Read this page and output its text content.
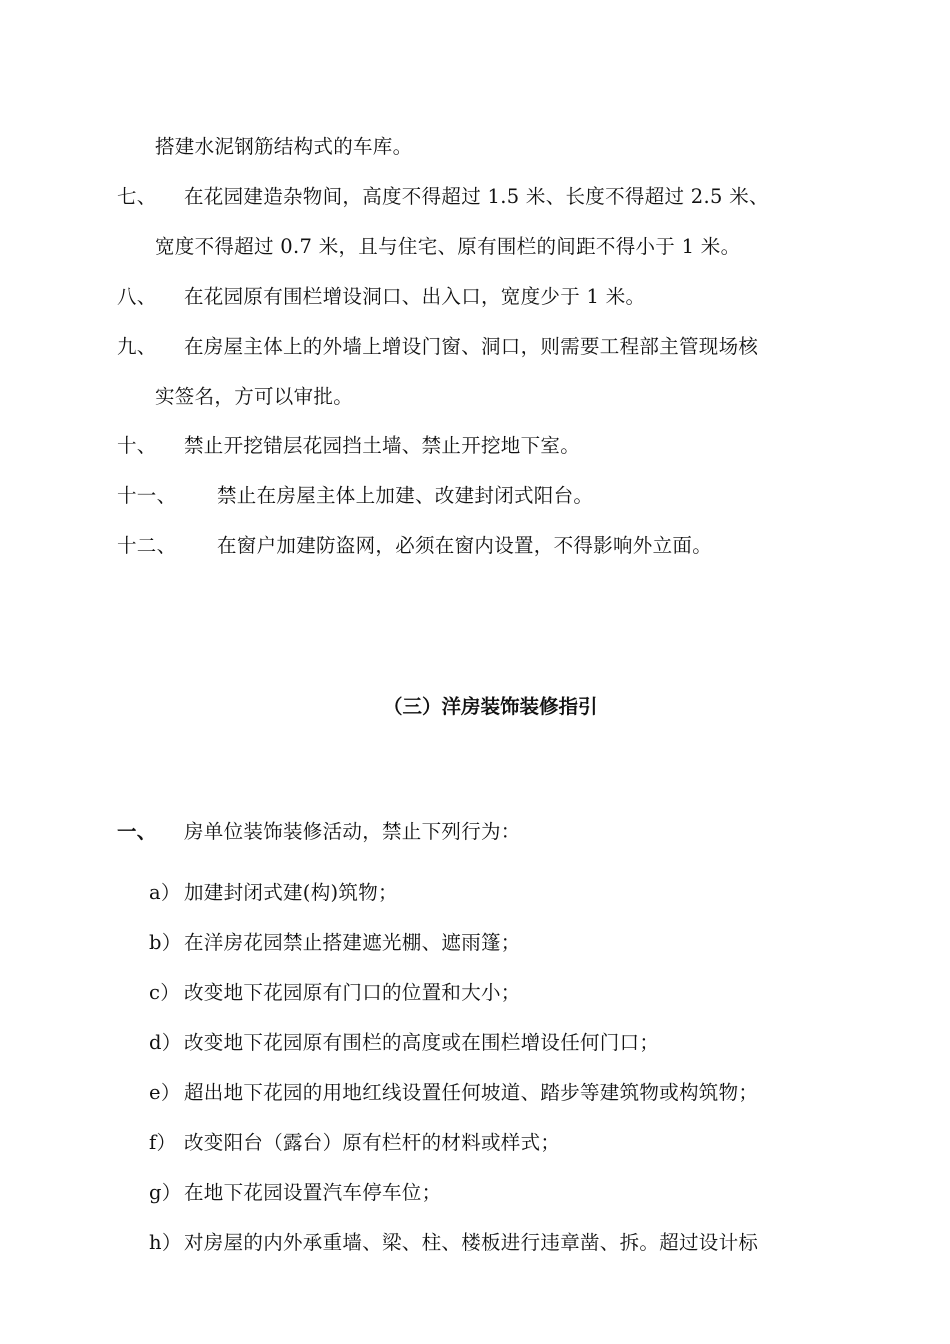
搭建水泥钢筋结构式的车库。
七、 在花园建造杂物间，高度不得超过 1.5 米、长度不得超过 2.5 米、
宽度不得超过 0.7 米，且与住宅、原有围栏的间距不得小于 1 米。
八、 在花园原有围栏增设洞口、出入口，宽度少于 1 米。
九、 在房屋主体上的外墙上增设门窗、洞口，则需要工程部主管现场核
实签名，方可以审批。
十、 禁止开挖错层花园挡土墙、禁止开挖地下室。
十一、 禁止在房屋主体上加建、改建封闭式阳台。
十二、 在窗户加建防盗网，必须在窗内设置，不得影响外立面。
（三）洋房装饰装修指引
一、 房单位装饰装修活动，禁止下列行为：
a） 加建封闭式建(构)筑物；
b） 在洋房花园禁止搭建遮光棚、遮雨篷；
c） 改变地下花园原有门口的位置和大小；
d） 改变地下花园原有围栏的高度或在围栏增设任何门口；
e） 超出地下花园的用地红线设置任何坡道、踏步等建筑物或构筑物；
f） 改变阳台（露台）原有栏杆的材料或样式；
g） 在地下花园设置汽车停车位；
h） 对房屋的内外承重墙、梁、柱、楼板进行违章凿、拆。超过设计标
